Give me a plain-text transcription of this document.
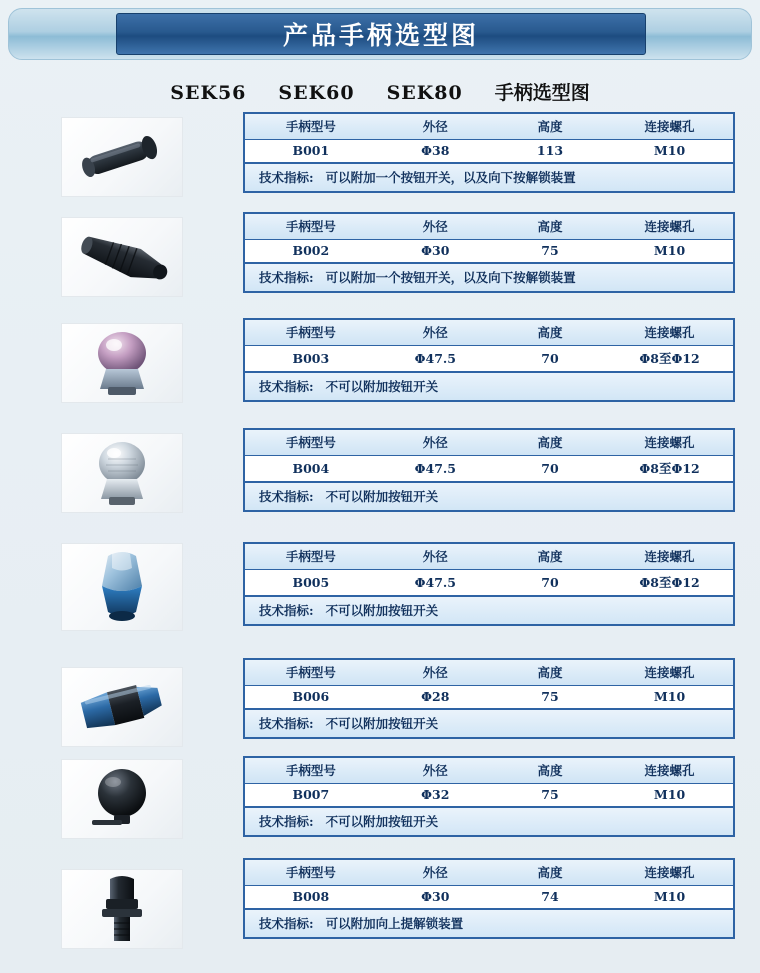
产品手柄选型图
SEK56 SEK60 SEK80 手柄选型图
手柄型号	外径	高度	连接螺孔
B001	Φ38	113	M10
技术指标: 可以附加一个按钮开关，以及向下按解锁装置
手柄型号	外径	高度	连接螺孔
B002	Φ30	75	M10
技术指标: 可以附加一个按钮开关，以及向下按解锁装置
手柄型号	外径	高度	连接螺孔
B003	Φ47.5	70	Φ8至Φ12
技术指标: 不可以附加按钮开关
手柄型号	外径	高度	连接螺孔
B004	Φ47.5	70	Φ8至Φ12
技术指标: 不可以附加按钮开关
手柄型号	外径	高度	连接螺孔
B005	Φ47.5	70	Φ8至Φ12
技术指标: 不可以附加按钮开关
手柄型号	外径	高度	连接螺孔
B006	Φ28	75	M10
技术指标: 不可以附加按钮开关
手柄型号	外径	高度	连接螺孔
B007	Φ32	75	M10
技术指标: 不可以附加按钮开关
手柄型号	外径	高度	连接螺孔
B008	Φ30	74	M10
技术指标: 可以附加向上提解锁装置
